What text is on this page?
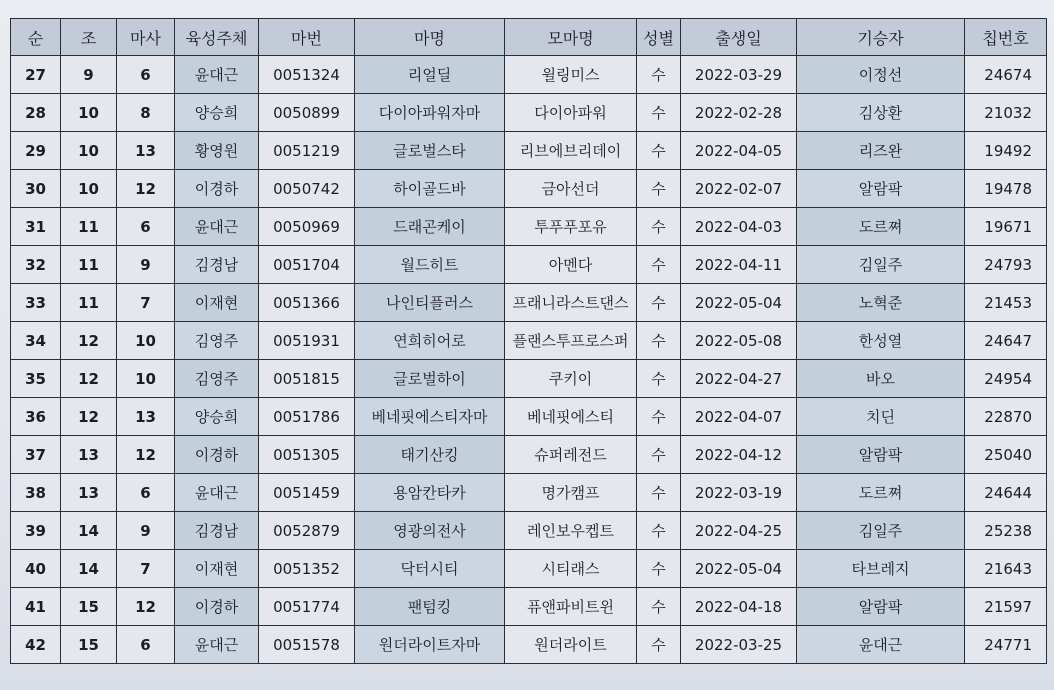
순	조	마사	육성주체	마번	마명	모마명	성별	출생일	기승자	칩번호
27	9	6	윤대근	0051324	리얼딜	윌링미스	수	2022-03-29	이정선	24674
28	10	8	양승희	0050899	다이아파워자마	다이아파워	수	2022-02-28	김상환	21032
29	10	13	황영원	0051219	글로벌스타	리브에브리데이	수	2022-04-05	리즈완	19492
30	10	12	이경하	0050742	하이골드바	금아선더	수	2022-02-07	알람팍	19478
31	11	6	윤대근	0050969	드래곤케이	투푸푸포유	수	2022-04-03	도르쪄	19671
32	11	9	김경남	0051704	월드히트	아멘다	수	2022-04-11	김일주	24793
33	11	7	이재현	0051366	나인티플러스	프래니라스트댄스	수	2022-05-04	노혁준	21453
34	12	10	김영주	0051931	연희히어로	플랜스투프로스퍼	수	2022-05-08	한성열	24647
35	12	10	김영주	0051815	글로벌하이	쿠키이	수	2022-04-27	바오	24954
36	12	13	양승희	0051786	베네핏에스티자마	베네핏에스티	수	2022-04-07	치딘	22870
37	13	12	이경하	0051305	태기산킹	슈퍼레전드	수	2022-04-12	알람팍	25040
38	13	6	윤대근	0051459	용암칸타카	명가캠프	수	2022-03-19	도르쪄	24644
39	14	9	김경남	0052879	영광의전사	레인보우켑트	수	2022-04-25	김일주	25238
40	14	7	이재현	0051352	닥터시티	시티래스	수	2022-05-04	타브레지	21643
41	15	12	이경하	0051774	팬텀킹	퓨앤파비트윈	수	2022-04-18	알람팍	21597
42	15	6	윤대근	0051578	원더라이트자마	원더라이트	수	2022-03-25	윤대근	24771
